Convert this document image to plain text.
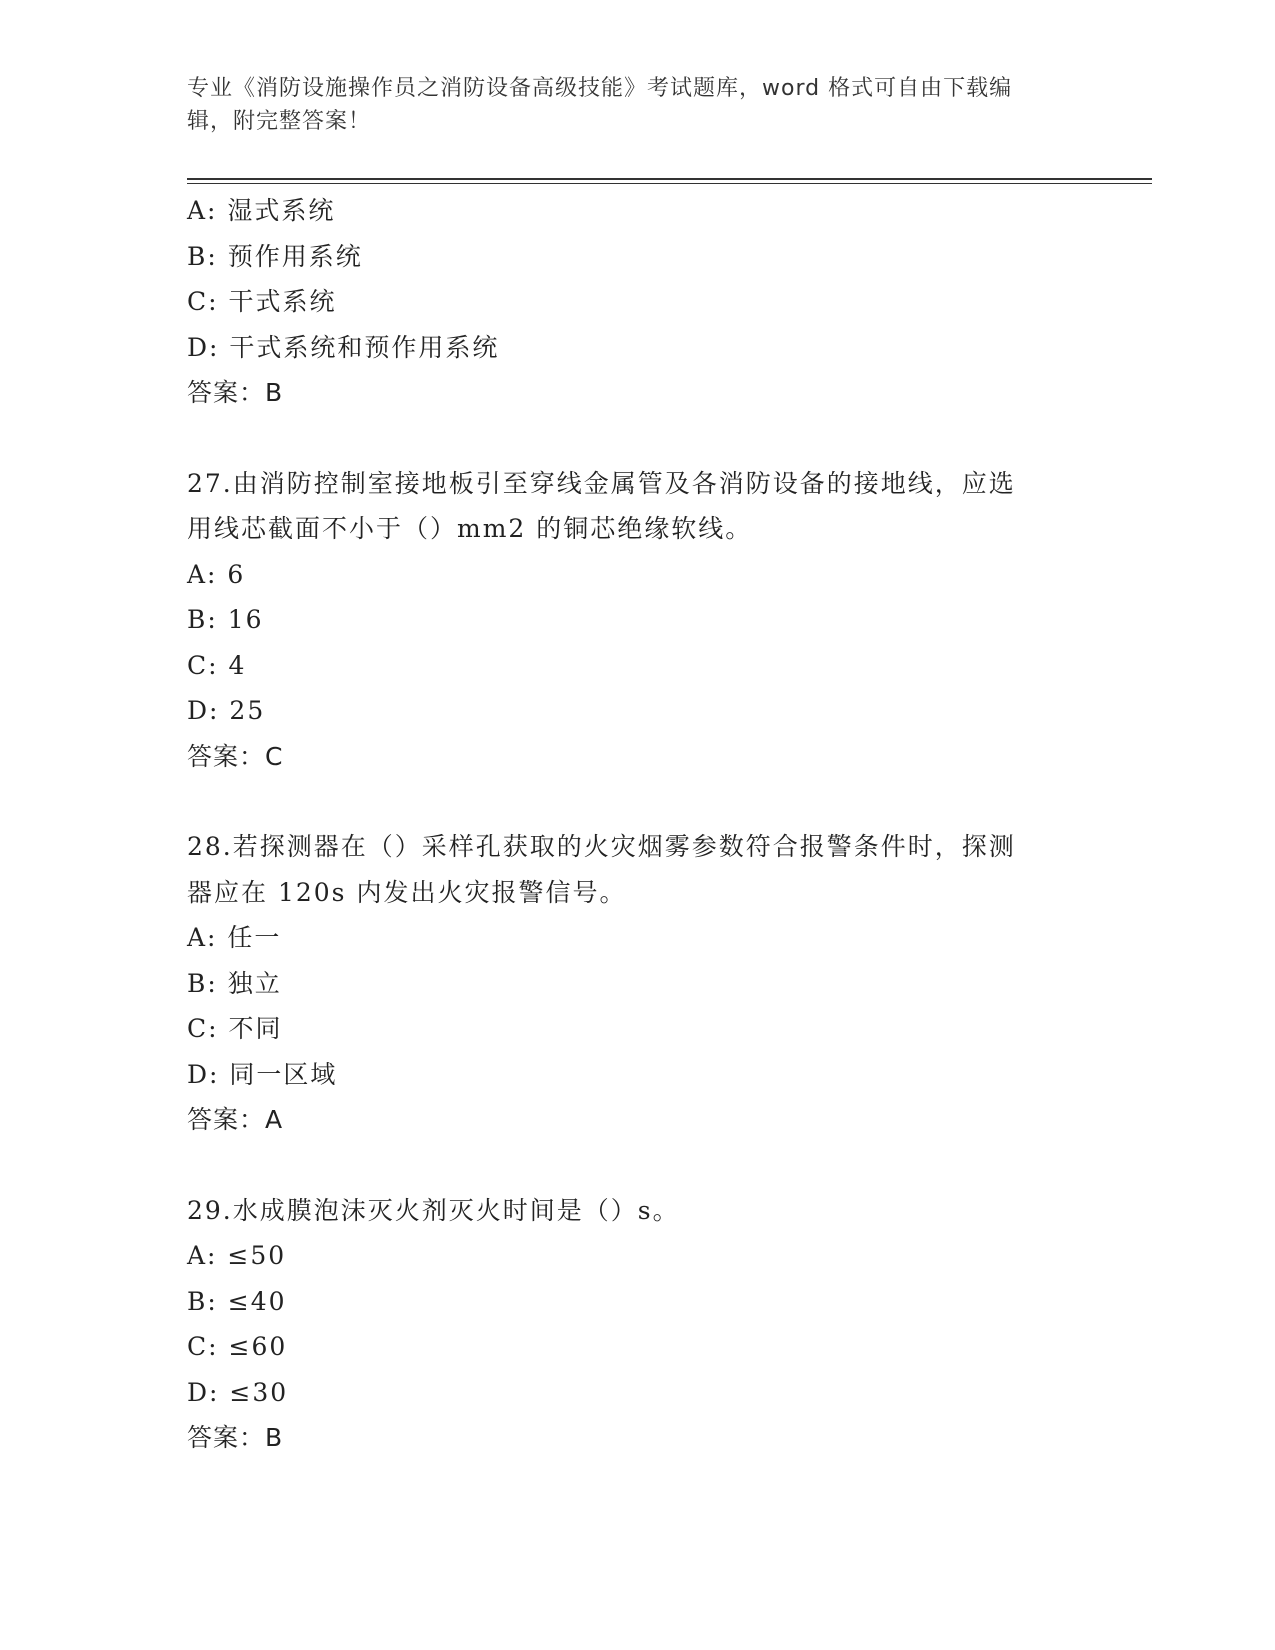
专业《消防设施操作员之消防设备高级技能》考试题库，word 格式可自由下载编
辑，附完整答案！
A: 湿式系统
B: 预作用系统
C: 干式系统
D: 干式系统和预作用系统
答案：B
27.由消防控制室接地板引至穿线金属管及各消防设备的接地线，应选
用线芯截面不小于（）mm2 的铜芯绝缘软线。
A: 6
B: 16
C: 4
D: 25
答案：C
28.若探测器在（）采样孔获取的火灾烟雾参数符合报警条件时，探测
器应在 120s 内发出火灾报警信号。
A: 任一
B: 独立
C: 不同
D: 同一区域
答案：A
29.水成膜泡沫灭火剂灭火时间是（）s。
A: ≤50
B: ≤40
C: ≤60
D: ≤30
答案：B
